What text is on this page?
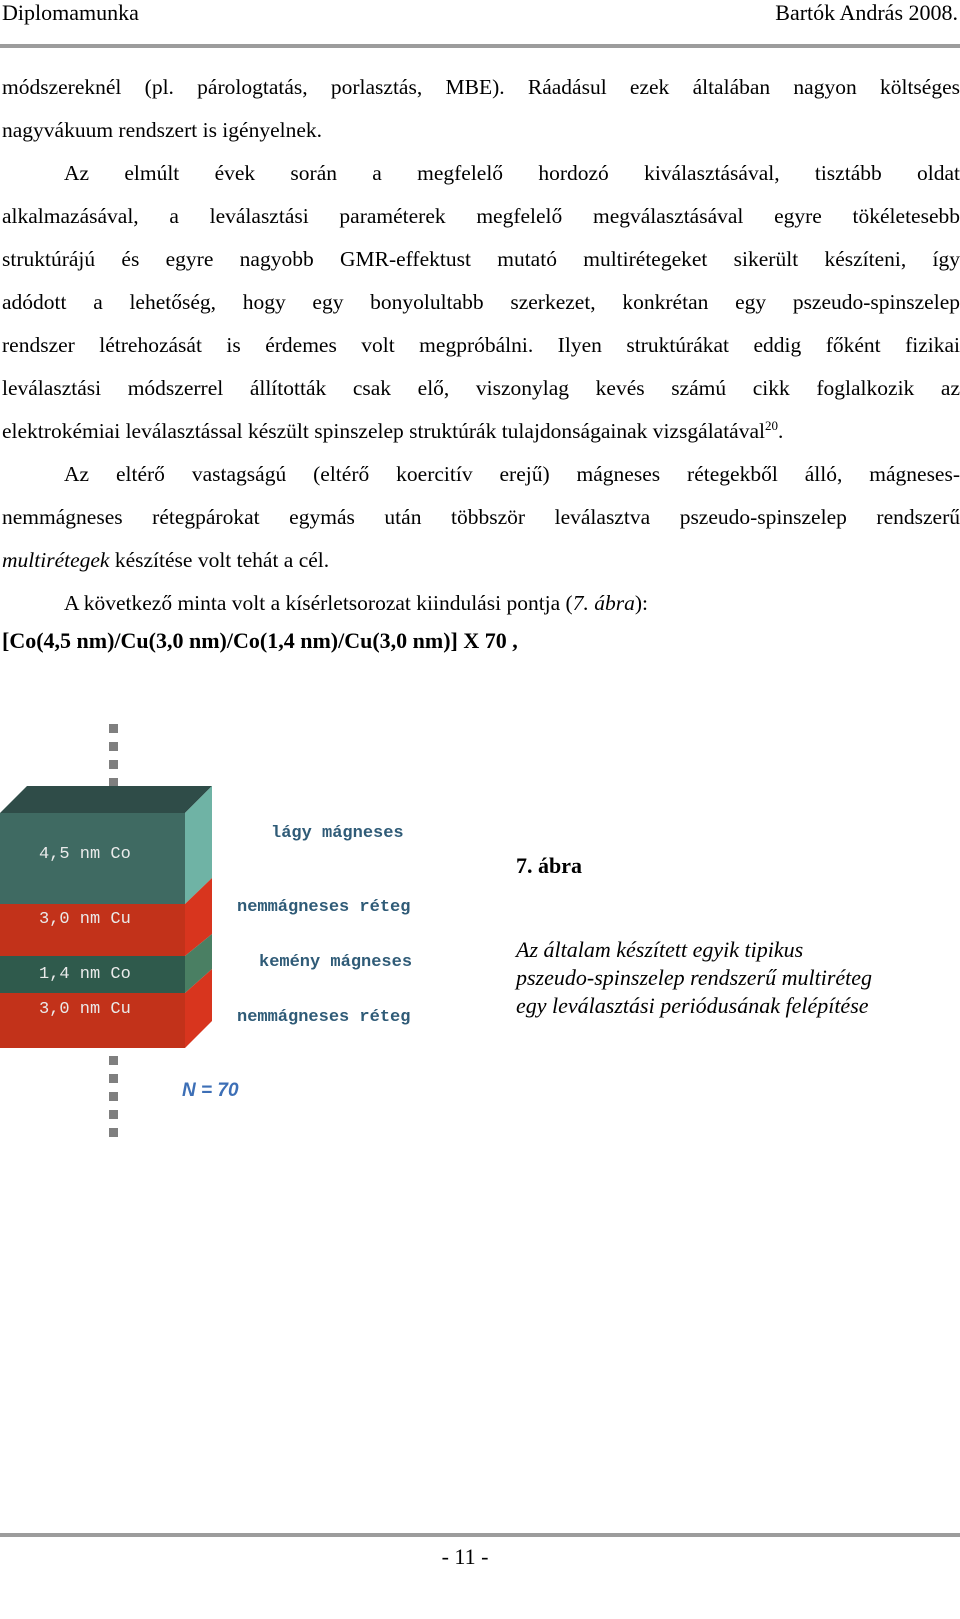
Diplomamunka	Bartók András 2008.
módszereknél (pl. párologtatás, porlasztás, MBE). Ráadásul ezek általában nagyon költséges
nagyvákuum rendszert is igényelnek.
Az elmúlt évek során a megfelelő hordozó kiválasztásával, tisztább oldat
alkalmazásával, a leválasztási paraméterek megfelelő megválasztásával egyre tökéletesebb
struktúrájú és egyre nagyobb GMR-effektust mutató multirétegeket sikerült készíteni, így
adódott a lehetőség, hogy egy bonyolultabb szerkezet, konkrétan egy pszeudo-spinszelep
rendszer létrehozását is érdemes volt megpróbálni. Ilyen struktúrákat eddig főként fizikai
leválasztási módszerrel állították csak elő, viszonylag kevés számú cikk foglalkozik az
elektrokémiai leválasztással készült spinszelep struktúrák tulajdonságainak vizsgálatával$^{20}$.
Az eltérő vastagságú (eltérő koercitív erejű) mágneses rétegekből álló, mágneses-
nemmágneses rétegpárokat egymás után többször leválasztva pszeudo-spinszelep rendszerű
multirétegek készítése volt tehát a cél.
A következő minta volt a kísérletsorozat kiindulási pontja (7. ábra):
[Co(4,5 nm)/Cu(3,0 nm)/Co(1,4 nm)/Cu(3,0 nm)] X 70 ,
4,5 nm Co
3,0 nm Cu
1,4 nm Co
3,0 nm Cu
lágy mágneses
nemmágneses réteg
kemény mágneses
nemmágneses réteg
N = 70
7. ábra
Az általam készített egyik tipikus
pszeudo-spinszelep rendszerű multiréteg
egy leválasztási periódusának felépítése
- 11 -
